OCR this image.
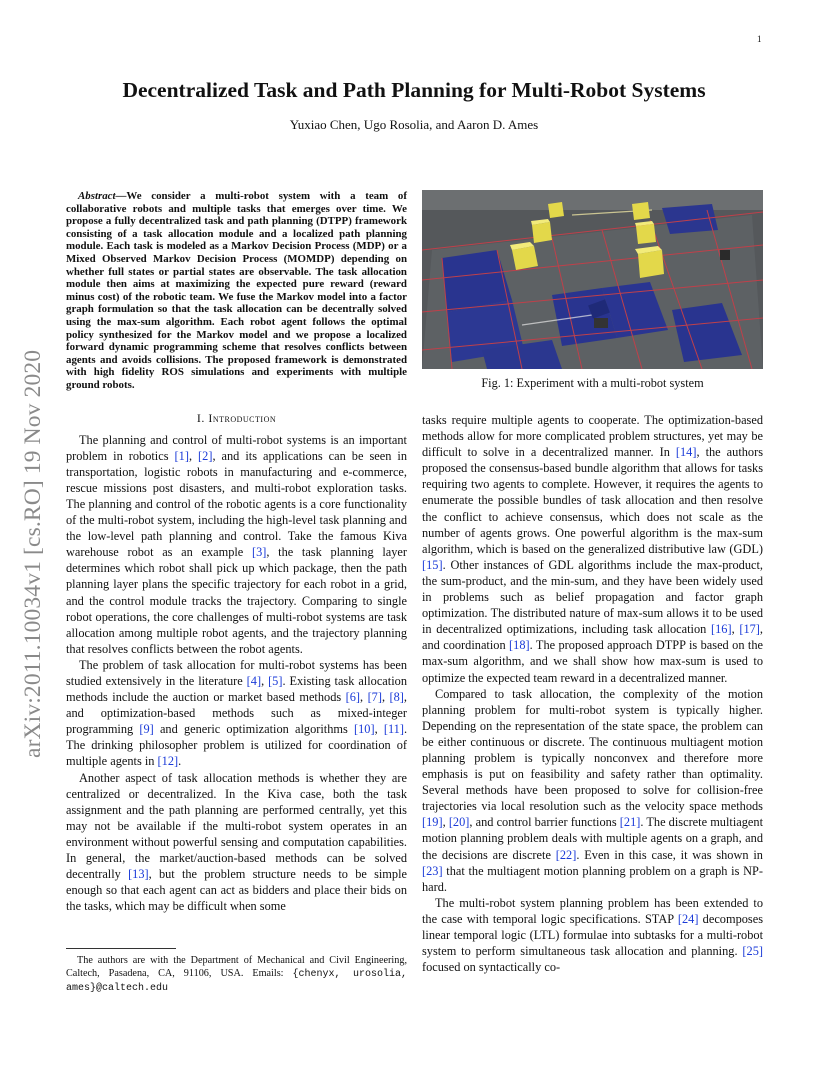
1
arXiv:2011.10034v1 [cs.RO] 19 Nov 2020
Decentralized Task and Path Planning for Multi-Robot Systems
Yuxiao Chen, Ugo Rosolia, and Aaron D. Ames

Abstract—We consider a multi-robot system with a team of collaborative robots and multiple tasks that emerges over time. We propose a fully decentralized task and path planning (DTPP) framework consisting of a task allocation module and a localized path planning module. Each task is modeled as a Markov Decision Process (MDP) or a Mixed Observed Markov Decision Process (MOMDP) depending on whether full states or partial states are observable. The task allocation module then aims at maximizing the expected pure reward (reward minus cost) of the robotic team. We fuse the Markov model into a factor graph formulation so that the task allocation can be decentrally solved using the max-sum algorithm. Each robot agent follows the optimal policy synthesized for the Markov model and we propose a localized forward dynamic programming scheme that resolves conflicts between agents and avoids collisions. The proposed framework is demonstrated with high fidelity ROS simulations and experiments with multiple ground robots.

I. Introduction

The planning and control of multi-robot systems is an important problem in robotics [1], [2], and its applications can be seen in transportation, logistic robots in manufacturing and e-commerce, rescue missions post disasters, and multi-robot exploration tasks. The planning and control of the robotic agents is a core functionality of the multi-robot system, including the high-level task planning and the low-level path planning and control. Take the famous Kiva warehouse robot as an example [3], the task planning layer determines which robot shall pick up which package, then the path planning layer plans the specific trajectory for each robot in a grid, and the control module tracks the trajectory. Comparing to single robot operations, the core challenges of multi-robot systems are task allocation among multiple robot agents, and the trajectory planning that resolves conflicts between the robot agents.

The problem of task allocation for multi-robot systems has been studied extensively in the literature [4], [5]. Existing task allocation methods include the auction or market based methods [6], [7], [8], and optimization-based methods such as mixed-integer programming [9] and generic optimization algorithms [10], [11]. The drinking philosopher problem is utilized for coordination of multiple agents in [12].

Another aspect of task allocation methods is whether they are centralized or decentralized. In the Kiva case, both the task assignment and the path planning are performed centrally, yet this may not be available if the multi-robot system operates in an environment without powerful sensing and computation capabilities. In general, the market/auction-based methods can be solved decentrally [13], but the problem structure needs to be simple enough so that each agent can act as bidders and place their bids on the tasks, which may be difficult when some

The authors are with the Department of Mechanical and Civil Engineering, Caltech, Pasadena, CA, 91106, USA. Emails: {chenyx, urosolia, ames}@caltech.edu

Fig. 1: Experiment with a multi-robot system

tasks require multiple agents to cooperate. The optimization-based methods allow for more complicated problem structures, yet may be difficult to solve in a decentralized manner. In [14], the authors proposed the consensus-based bundle algorithm that allows for tasks requiring two agents to complete. However, it requires the agents to enumerate the possible bundles of task allocation and then resolve the conflict to achieve consensus, which does not scale as the number of agents grows. One powerful algorithm is the max-sum algorithm, which is based on the generalized distributive law (GDL) [15]. Other instances of GDL algorithms include the max-product, the sum-product, and the min-sum, and they have been widely used in problems such as belief propagation and factor graph optimization. The distributed nature of max-sum allows it to be used in decentralized optimizations, including task allocation [16], [17], and coordination [18]. The proposed approach DTPP is based on the max-sum algorithm, and we shall show how max-sum is used to optimize the expected team reward in a decentralized manner.

Compared to task allocation, the complexity of the motion planning problem for multi-robot system is typically higher. Depending on the representation of the state space, the problem can be either continuous or discrete. The continuous multiagent motion planning problem is typically nonconvex and therefore more emphasis is put on feasibility and safety rather than optimality. Several methods have been proposed to solve for collision-free trajectories via local resolution such as the velocity space methods [19], [20], and control barrier functions [21]. The discrete multiagent motion planning problem deals with multiple agents on a graph, and the decisions are discrete [22]. Even in this case, it was shown in [23] that the multiagent motion planning problem on a graph is NP-hard.

The multi-robot system planning problem has been extended to the case with temporal logic specifications. STAP [24] decomposes linear temporal logic (LTL) formulae into subtasks for a multi-robot system to perform simultaneous task allocation and planning. [25] focused on syntactically co-
